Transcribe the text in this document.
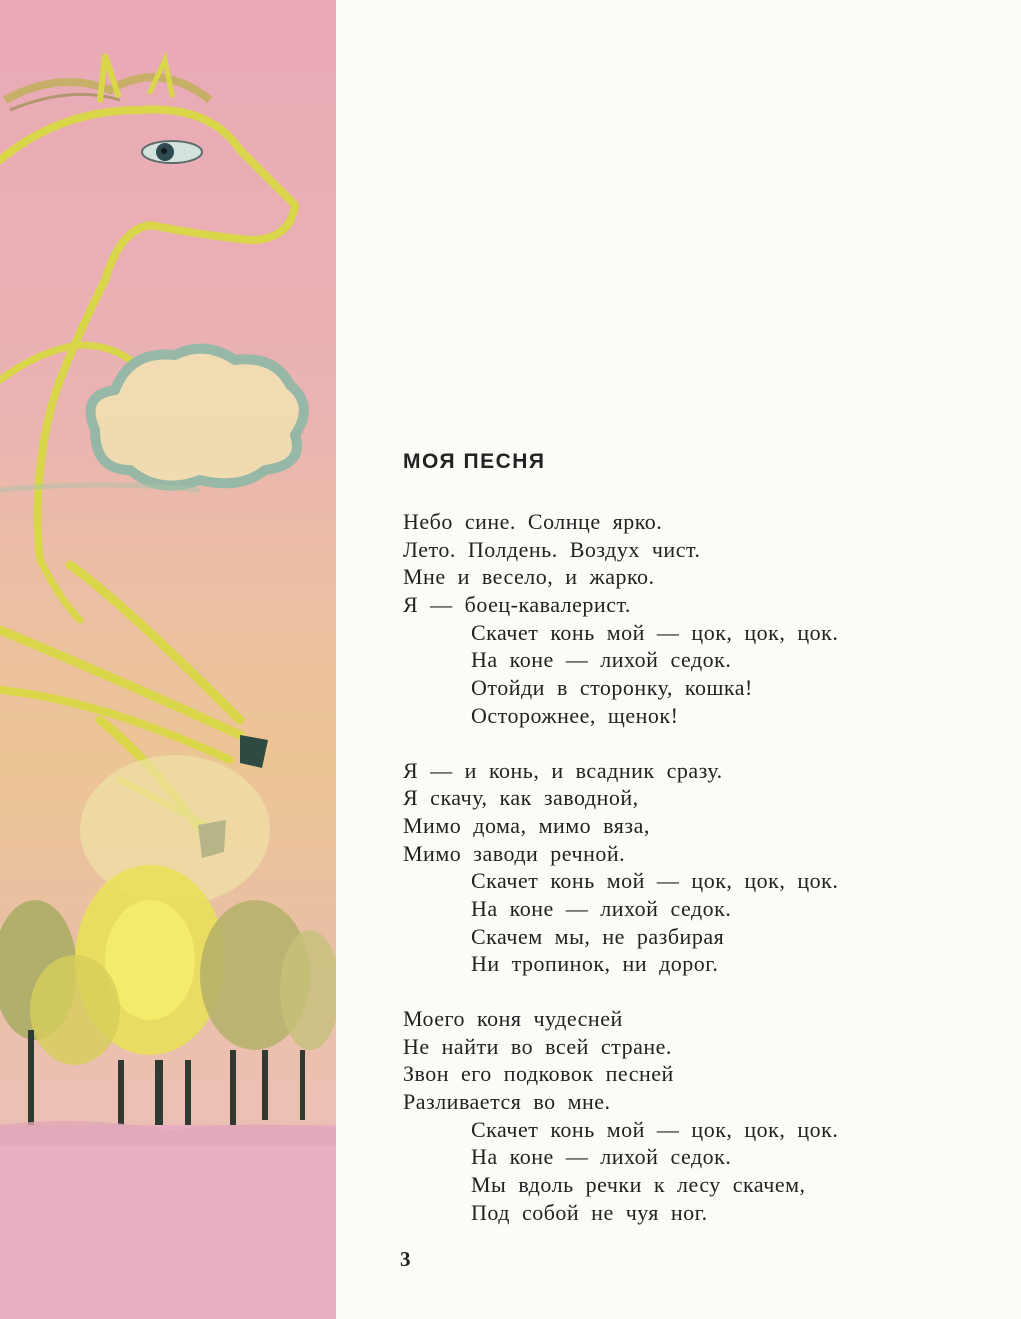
МОЯ ПЕСНЯ
Небо сине. Солнце ярко.
Лето. Полдень. Воздух чист.
Мне и весело, и жарко.
Я — боец-кавалерист.
Скачет конь мой — цок, цок, цок.
На коне — лихой седок.
Отойди в сторонку, кошка!
Осторожнее, щенок!
Я — и конь, и всадник сразу.
Я скачу, как заводной,
Мимо дома, мимо вяза,
Мимо заводи речной.
Скачет конь мой — цок, цок, цок.
На коне — лихой седок.
Скачем мы, не разбирая
Ни тропинок, ни дорог.
Моего коня чудесней
Не найти во всей стране.
Звон его подковок песней
Разливается во мне.
Скачет конь мой — цок, цок, цок.
На коне — лихой седок.
Мы вдоль речки к лесу скачем,
Под собой не чуя ног.
3
